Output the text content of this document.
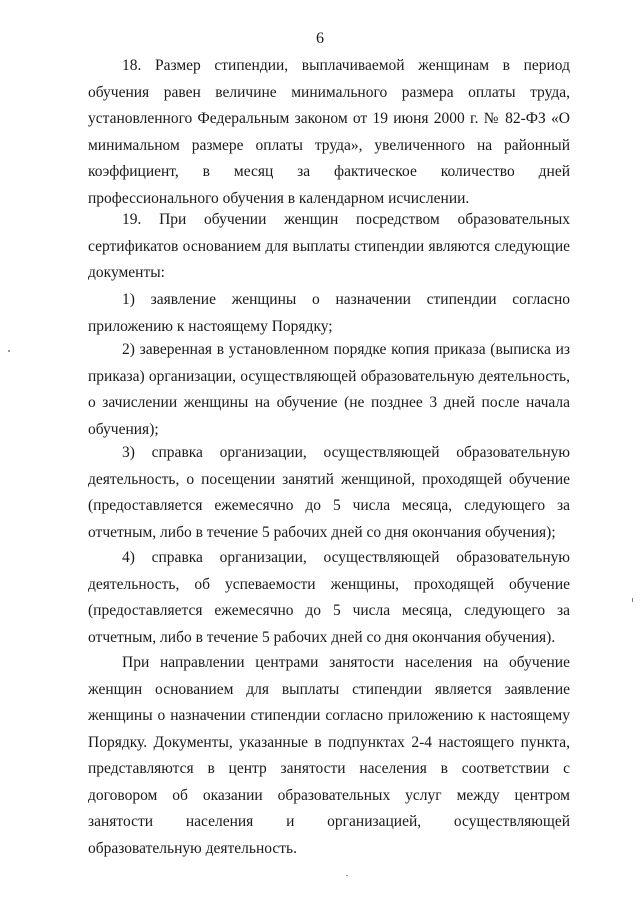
6

18. Размер стипендии, выплачиваемой женщинам в период обучения равен величине минимального размера оплаты труда, установленного Федеральным законом от 19 июня 2000 г. № 82-ФЗ «О минимальном размере оплаты труда», увеличенного на районный коэффициент, в месяц за фактическое количество дней профессионального обучения в календарном исчислении.

19. При обучении женщин посредством образовательных сертификатов основанием для выплаты стипендии являются следующие документы:

1) заявление женщины о назначении стипендии согласно приложению к настоящему Порядку;

2) заверенная в установленном порядке копия приказа (выписка из приказа) организации, осуществляющей образовательную деятельность, о зачислении женщины на обучение (не позднее 3 дней после начала обучения);

3) справка организации, осуществляющей образовательную деятельность, о посещении занятий женщиной, проходящей обучение (предоставляется ежемесячно до 5 числа месяца, следующего за отчетным, либо в течение 5 рабочих дней со дня окончания обучения);

4) справка организации, осуществляющей образовательную деятельность, об успеваемости женщины, проходящей обучение (предоставляется ежемесячно до 5 числа месяца, следующего за отчетным, либо в течение 5 рабочих дней со дня окончания обучения).

При направлении центрами занятости населения на обучение женщин основанием для выплаты стипендии является заявление женщины о назначении стипендии согласно приложению к настоящему Порядку. Документы, указанные в подпунктах 2-4 настоящего пункта, представляются в центр занятости населения в соответствии с договором об оказании образовательных услуг между центром занятости населения и организацией, осуществляющей образовательную деятельность.
